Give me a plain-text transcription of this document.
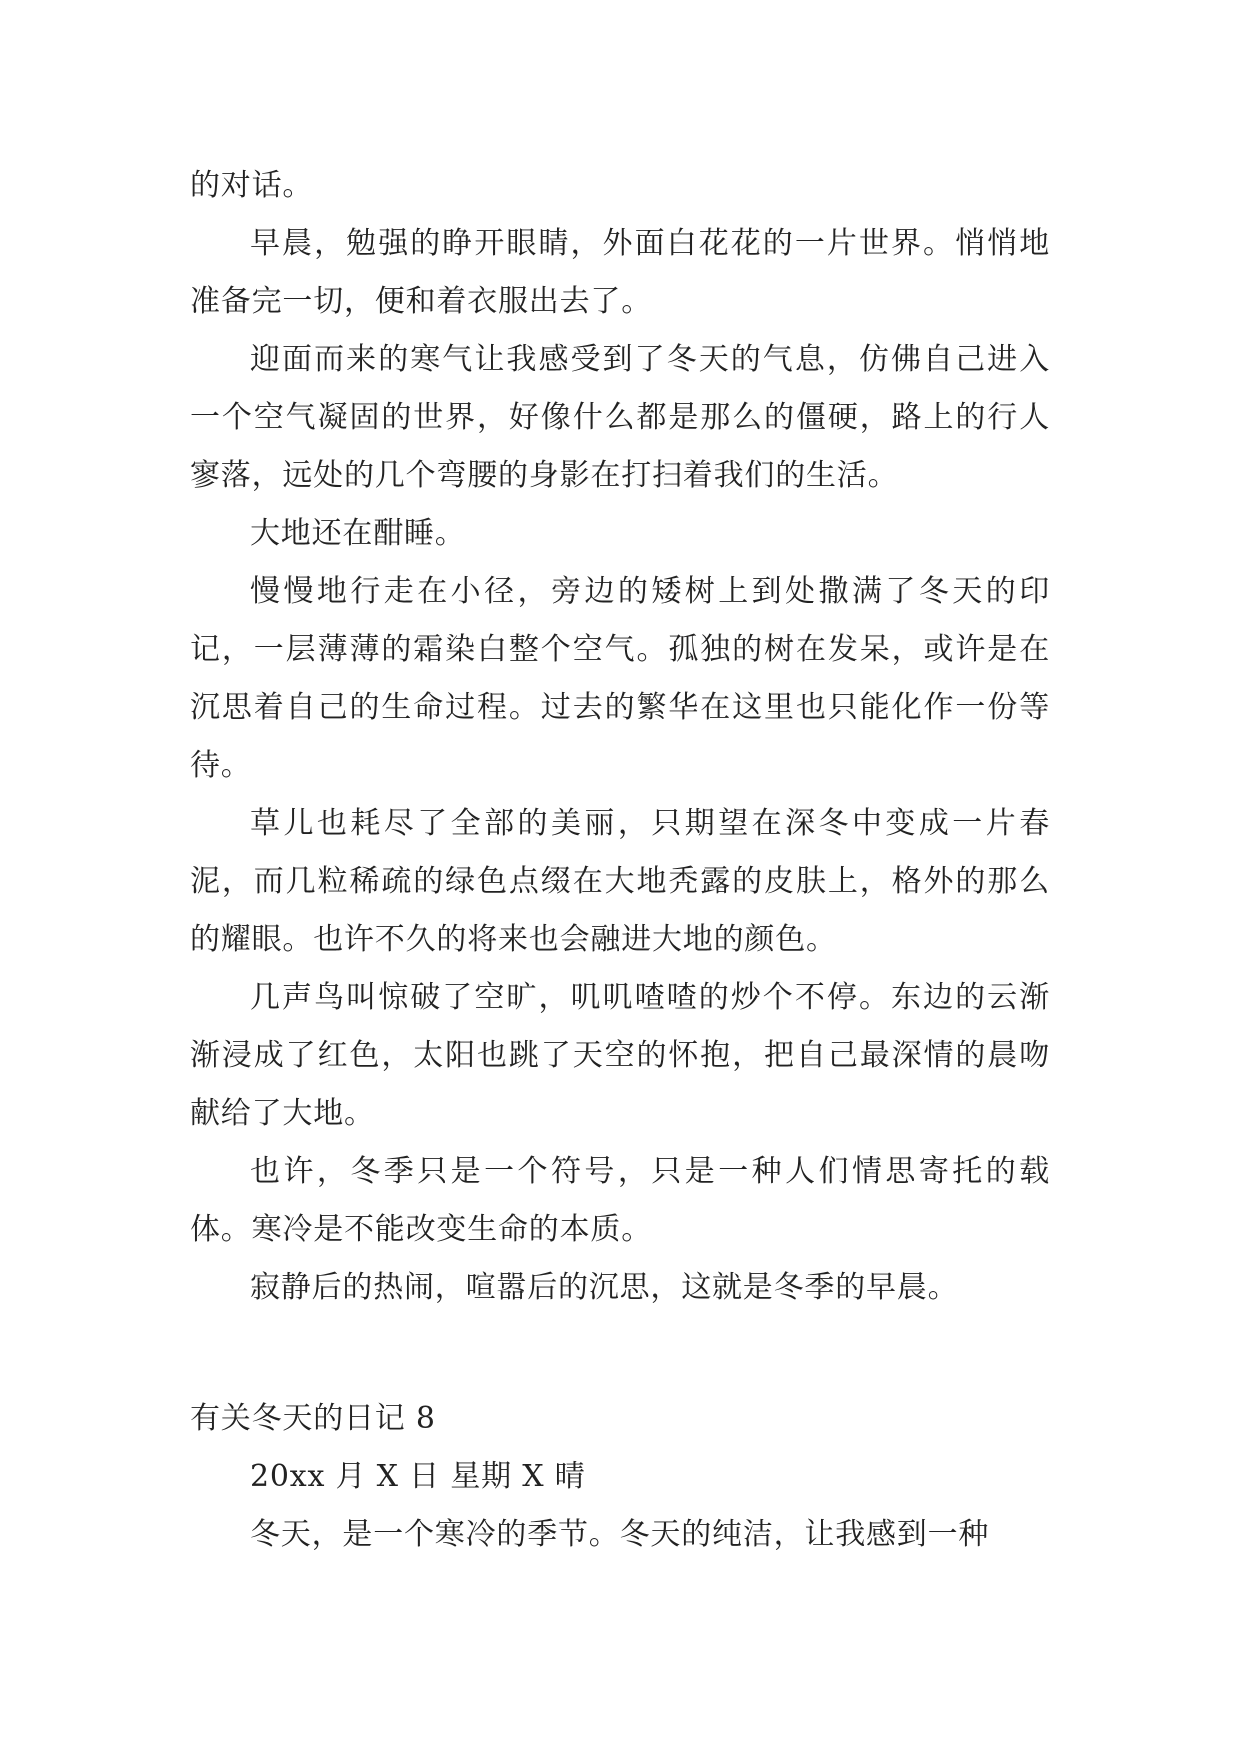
的对话。

早晨，勉强的睁开眼睛，外面白花花的一片世界。悄悄地准备完一切，便和着衣服出去了。

迎面而来的寒气让我感受到了冬天的气息，仿佛自己进入一个空气凝固的世界，好像什么都是那么的僵硬，路上的行人寥落，远处的几个弯腰的身影在打扫着我们的生活。

大地还在酣睡。

慢慢地行走在小径，旁边的矮树上到处撒满了冬天的印记，一层薄薄的霜染白整个空气。孤独的树在发呆，或许是在沉思着自己的生命过程。过去的繁华在这里也只能化作一份等待。

草儿也耗尽了全部的美丽，只期望在深冬中变成一片春泥，而几粒稀疏的绿色点缀在大地秃露的皮肤上，格外的那么的耀眼。也许不久的将来也会融进大地的颜色。

几声鸟叫惊破了空旷，叽叽喳喳的炒个不停。东边的云渐渐浸成了红色，太阳也跳了天空的怀抱，把自己最深情的晨吻献给了大地。

也许，冬季只是一个符号，只是一种人们情思寄托的载体。寒冷是不能改变生命的本质。

寂静后的热闹，喧嚣后的沉思，这就是冬季的早晨。

有关冬天的日记 8

20xx 月 X 日 星期 X 晴

冬天，是一个寒冷的季节。冬天的纯洁，让我感到一种
